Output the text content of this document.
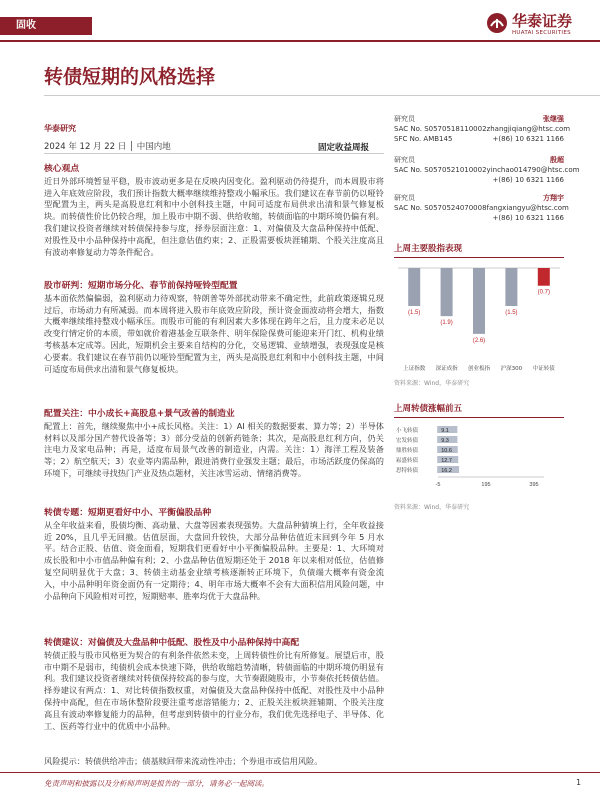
固收	华泰证券
HUATAI SECURITIES
转债短期的风格选择
华泰研究
2024 年 12 月 22 日 │ 中国内地	固定收益周报
核心观点
近日外部环境暂显平稳，股市波动更多是在反映内因变化。盈利驱动仍待提升，而本周股市将进入年底效应阶段，我们预计指数大概率继续维持整戏小幅承压。我们建议在春节前仍以哑铃型配置为主，两头是高股息红利和中小创科技主题，中间可适度布局供求出清和景气修复板块。而转债性价比仍较合理，加上股市中期不弱、供给收缩，转债面临的中期环境仍偏有利。我们建议投资者继续对转债保持参与度，择券层面注意：1、对偏债及大盘品种保持中低配、对股性及中小品种保持中高配，但注意估值约束；2、正股需要板块涯辅期、个股关注度高且有波动率修复动力等条件配合。
股市研判：短期市场分化、春节前保持哑铃型配置
基本面依然偏偏弱，盈利驱动力待观察，特朗普等外部扰动带来不确定性，此前政策逐辑兑现过后，市场动力有所减弱。而本周将进入股市年底效应阶段，预计资金面波动将会增大，指数大概率继续维持整戏小幅承压。而股市可能的有利因素大多体现在跨年之后，且力度未必足以改变行情定价的本质，带如就价着港基金互联条件、明年保险保费可能迎来开门红、机构业绩考核基本定成等。因此，短期机会主要来自结构的分化，交易逻辑、业绩增强，表现强度是核心要素。我们建议在春节前仍以哑铃型配置为主，两头是高股息红利和中小创科技主题，中间可适度布局供求出清和景气修复板块。
配置关注：中小成长+高股息+景气改善的制造业
配置上：首先，继续聚焦中小+成长风格。关注：1）AI 相关的数据要素、算力等；2）半导体材料以及部分国产替代设备等；3）部分受益的创新药链条；其次，是高股息红利方向，仍关注电力及家电品种；再是，适度布局景气改善的制造业，内需。关注：1）海洋工程及装备等；2）航空航天；3）农业等内需品种，跟进消费行业强发主题；最后，市场活跃度仍保高的环境下，可继续寻找热门产业及热点题材，关注冰雪运动、情绪消费等。
转债专题：短期更看好中小、平衡偏股品种
从全年收益来看，股债均衡、高动量、大盘等因素表现强势。大盘品种猜填上行，全年收益接近 20%，且几乎无回撤。估值层面，大盘回升较快，大部分品种估值近末回到今年 5 月水平。结合正股、估值、资金面看，短期我们更看好中小平衡偏股品种。主要是：1、大环境对成长股和中小市值品种偏有利；2、小盘品种估值短期还处于 2018 年以来相对低位，估值修复空间明显优于大盘；3、转债主动基金业绩考核逐渐转正环境下，负债端大概率有资金流入，中小品种明年资金面仍有一定期待；4、明年市场大概率不会有大面积信用风险问题，中小品种向下风险相对可控，短期赔率、胜率均优于大盘品种。
转债建议：对偏债及大盘品种中低配、股性及中小品种保持中高配
转债正股与股市风格更为契合的有利条件依然未变，上周转债性价比有所修复。展望后市，股市中期不是弱市，纯债机会成本快速下降，供给收缩趋势清晰，转债面临的中期环境仍明显有利。我们建议投资者继续对转债保持较高的参与度，大节奏跟随股市，小节奏依托转债估值。择券建议有两点：1、对比转债指数权重，对偏债及大盘品种保持中低配、对股性及中小品种保持中高配，但在市场休整阶段要注重考虑溶错能力；2、正股关注板块涯辅期、个股关注度高且有波动率修复能力的品种，但考虑到转债中的行业分布，我们优先选择电子、半导体、化工、医药等行业中的优质中小品种。
风险提示：转债供给冲击；债基赎回带来流动性冲击；个券退市或信用风险。
研究员	张继强
SAC No. S0570518110002 zhangjiqiang@htsc.com
SFC No. AMB145	+(86) 10 6321 1166
研究员	殷超
SAC No. S0570521010002 yinchao014790@htsc.com
+(86) 10 6321 1166
研究员	方翔宇
SAC No. S0570524070008 fangxiangyu@htsc.com
+(86) 10 6321 1166
上周主要股指表现
(1.5)
上证指数
(1.9)
深证成指
(2.6)
创业板指
(1.5)
沪深300
(0.7)
中证转债
资料来源：Wind，华泰研究
上周转债涨幅前五
小飞转债	9.1
宏发转债	9.3
鼎胜转债	10.6
崧盛转债	12.7
思特转债	16.2
-5	195	395
资料来源：Wind，华泰研究
免责声明和披露以及分析师声明是报告的一部分，请务必一起阅读。	1
